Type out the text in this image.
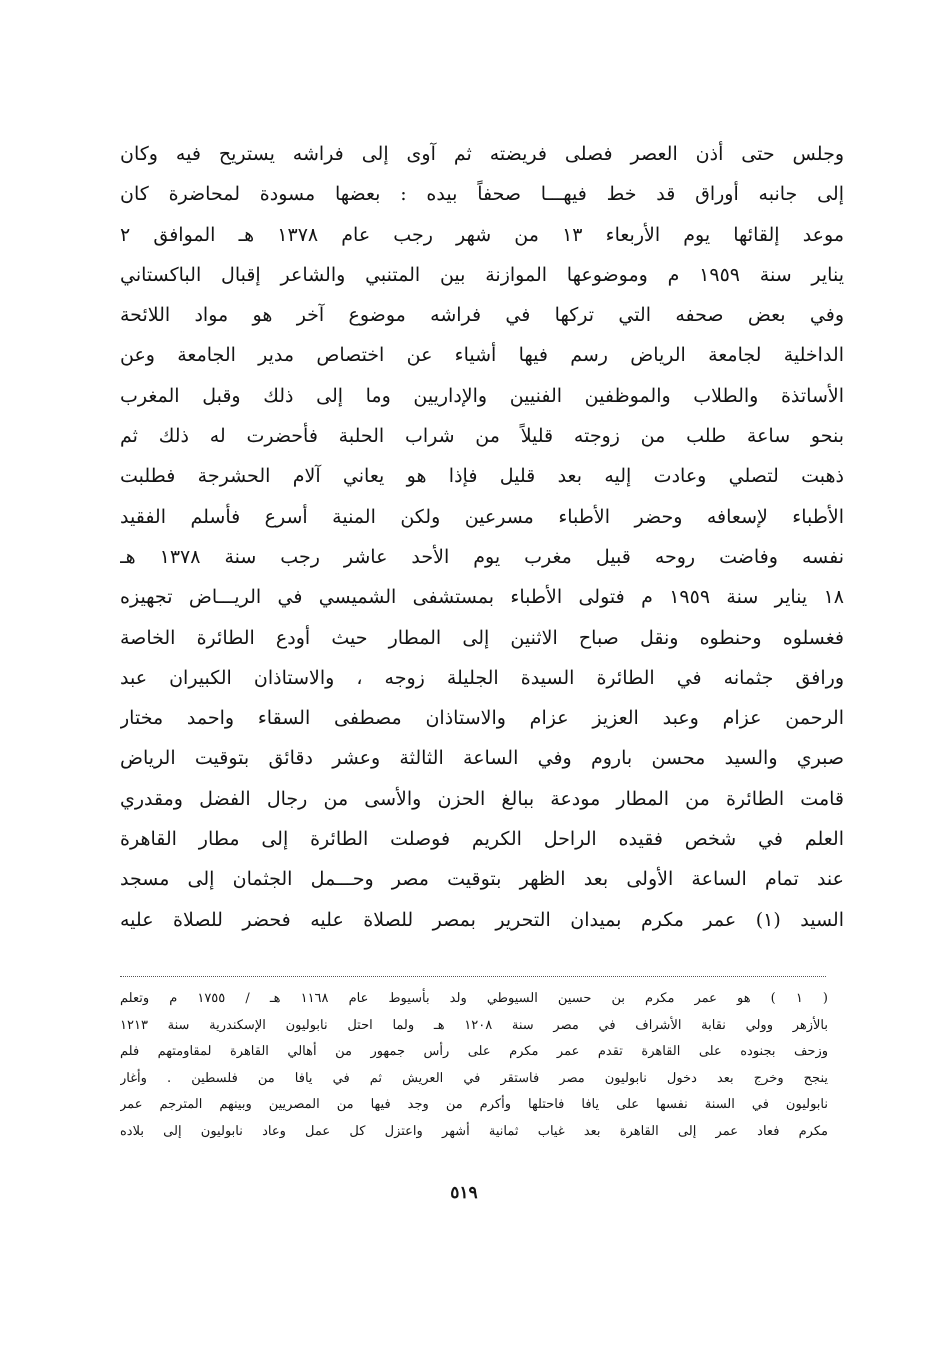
وجلس حتى أذن العصر فصلى فريضته ثم آوى إلى فراشه يستريح فيه وكان
إلى جانبه أوراق قد خط فيهـــا صحفاً بيده : بعضها مسودة لمحاضرة كان
موعد إلقائها يوم الأربعاء ١٣ من شهر رجب عام ١٣٧٨ هـ الموافق ٢
يناير سنة ١٩٥٩ م وموضوعها الموازنة بين المتنبي والشاعر إقبال الباكستاني
وفي بعض صحفه التي تركها في فراشه موضوع آخر هو مواد اللائحة
الداخلية لجامعة الرياض رسم فيها أشياء عن اختصاص مدير الجامعة وعن
الأساتذة والطلاب والموظفين الفنيين والإداريين وما إلى ذلك وقبل المغرب
بنحو ساعة طلب من زوجته قليلاً من شراب الحلبة فأحضرت له ذلك ثم
ذهبت لتصلي وعادت إليه بعد قليل فإذا هو يعاني آلام الحشرجة فطلبت
الأطباء لإسعافه وحضر الأطباء مسرعين ولكن المنية أسرع فأسلم الفقيد
نفسه وفاضت روحه قبيل مغرب يوم الأحد عاشر رجب سنة ١٣٧٨ هـ
١٨ يناير سنة ١٩٥٩ م فتولى الأطباء بمستشفى الشميسي في الريـــاض تجهيزه
فغسلوه وحنطوه ونقل صباح الاثنين إلى المطار حيث أودع الطائرة الخاصة
ورافق جثمانه في الطائرة السيدة الجليلة زوجه ، والاستاذان الكبيران عبد
الرحمن عزام وعبد العزيز عزام والاستاذان مصطفى السقاء واحمد مختار
صبري والسيد محسن باروم وفي الساعة الثالثة وعشر دقائق بتوقيت الرياض
قامت الطائرة من المطار مودعة ببالغ الحزن والأسى من رجال الفضل ومقدري
العلم في شخص فقيده الراحل الكريم فوصلت الطائرة إلى مطار القاهرة
عند تمام الساعة الأولى بعد الظهر بتوقيت مصر وحـــمل الجثمان إلى مسجد
السيد (١) عمر مكرم بميدان التحرير بمصر للصلاة عليه فحضر للصلاة عليه
( ١ ) هو عمر مكرم بن حسين السيوطي ولد بأسيوط عام ١١٦٨ هـ / ١٧٥٥ م وتعلم
بالأزهر وولي نقابة الأشراف في مصر سنة ١٢٠٨ هـ ولما احتل نابوليون الإسكندرية سنة ١٢١٣
وزحف بجنوده على القاهرة تقدم عمر مكرم على رأس جمهور من أهالي القاهرة لمقاومتهم فلم
ينجح وخرج بعد دخول نابوليون مصر فاستقر في العريش ثم في يافا من فلسطين . وأغار
نابوليون في السنة نفسها على يافا فاحتلها وأكرم من وجد فيها من المصريين وبينهم المترجم عمر
مكرم فعاد عمر إلى القاهرة بعد غياب ثمانية أشهر واعتزل كل عمل وعاد نابوليون إلى بلاده
٥١٩
